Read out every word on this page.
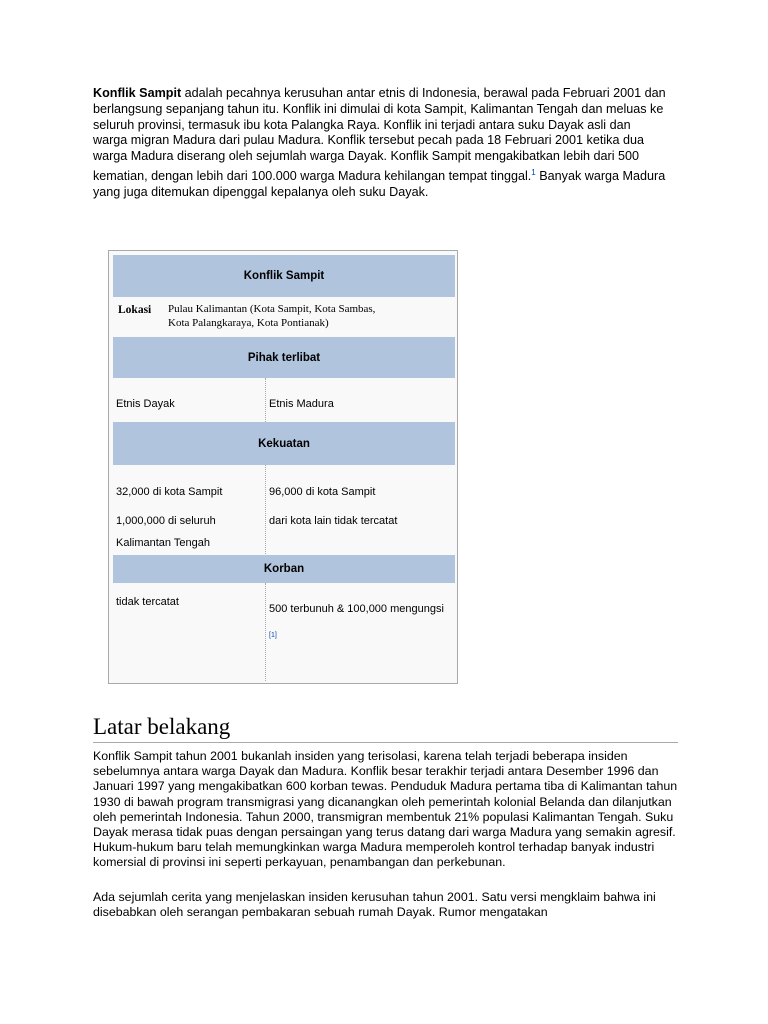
Konflik Sampit adalah pecahnya kerusuhan antar etnis di Indonesia, berawal pada Februari 2001 dan berlangsung sepanjang tahun itu. Konflik ini dimulai di kota Sampit, Kalimantan Tengah dan meluas ke seluruh provinsi, termasuk ibu kota Palangka Raya. Konflik ini terjadi antara suku Dayak asli dan warga migran Madura dari pulau Madura. Konflik tersebut pecah pada 18 Februari 2001 ketika dua warga Madura diserang oleh sejumlah warga Dayak. Konflik Sampit mengakibatkan lebih dari 500 kematian, dengan lebih dari 100.000 warga Madura kehilangan tempat tinggal.$^1$ Banyak warga Madura yang juga ditemukan dipenggal kepalanya oleh suku Dayak.

Konflik Sampit
Lokasi Pulau Kalimantan (Kota Sampit, Kota Sambas,
Kota Palangkaraya, Kota Pontianak)
Pihak terlibat
Etnis Dayak	Etnis Madura
Kekuatan
32,000 di kota Sampit
1,000,000 di seluruh
Kalimantan Tengah
96,000 di kota Sampit
dari kota lain tidak tercatat
Korban
tidak tercatat
500 terbunuh & 100,000 mengungsi
[1]
Latar belakang

Konflik Sampit tahun 2001 bukanlah insiden yang terisolasi, karena telah terjadi beberapa insiden sebelumnya antara warga Dayak dan Madura. Konflik besar terakhir terjadi antara Desember 1996 dan Januari 1997 yang mengakibatkan 600 korban tewas. Penduduk Madura pertama tiba di Kalimantan tahun 1930 di bawah program transmigrasi yang dicanangkan oleh pemerintah kolonial Belanda dan dilanjutkan oleh pemerintah Indonesia. Tahun 2000, transmigran membentuk 21% populasi Kalimantan Tengah. Suku Dayak merasa tidak puas dengan persaingan yang terus datang dari warga Madura yang semakin agresif. Hukum-hukum baru telah memungkinkan warga Madura memperoleh kontrol terhadap banyak industri komersial di provinsi ini seperti perkayuan, penambangan dan perkebunan.

Ada sejumlah cerita yang menjelaskan insiden kerusuhan tahun 2001. Satu versi mengklaim bahwa ini disebabkan oleh serangan pembakaran sebuah rumah Dayak. Rumor mengatakan
